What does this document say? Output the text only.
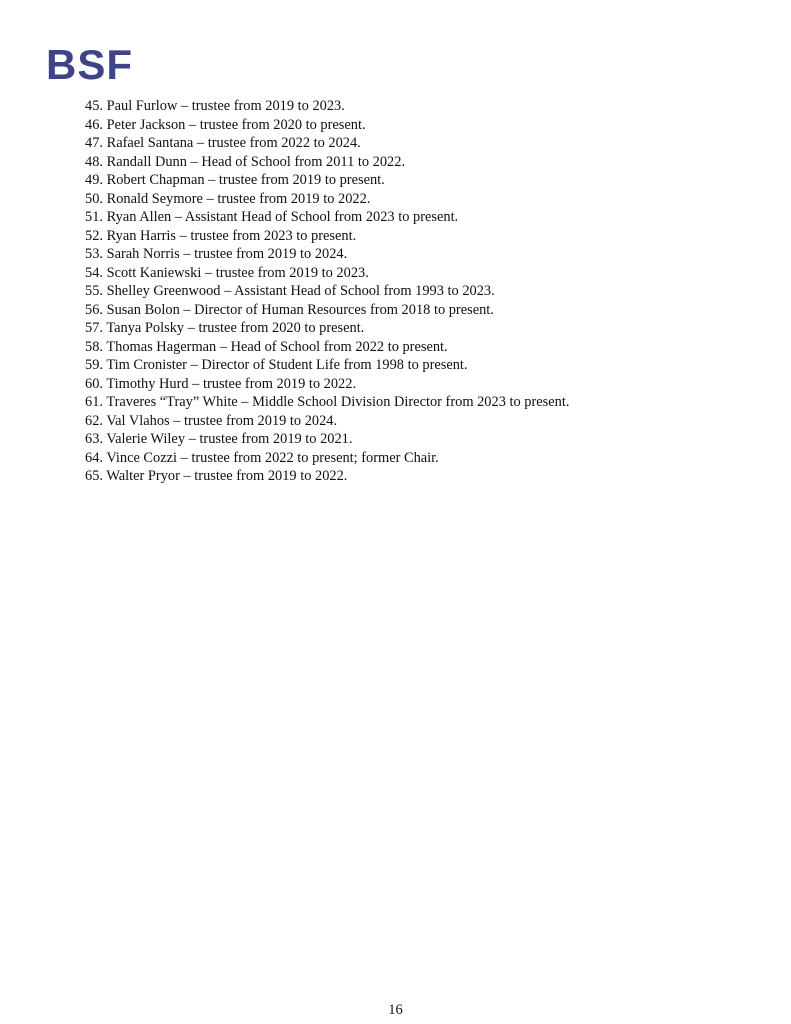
BSF
45. Paul Furlow – trustee from 2019 to 2023.
46. Peter Jackson – trustee from 2020 to present.
47. Rafael Santana – trustee from 2022 to 2024.
48. Randall Dunn – Head of School from 2011 to 2022.
49. Robert Chapman – trustee from 2019 to present.
50. Ronald Seymore – trustee from 2019 to 2022.
51. Ryan Allen – Assistant Head of School from 2023 to present.
52. Ryan Harris – trustee from 2023 to present.
53. Sarah Norris – trustee from 2019 to 2024.
54. Scott Kaniewski – trustee from 2019 to 2023.
55. Shelley Greenwood – Assistant Head of School from 1993 to 2023.
56. Susan Bolon – Director of Human Resources from 2018 to present.
57. Tanya Polsky – trustee from 2020 to present.
58. Thomas Hagerman – Head of School from 2022 to present.
59. Tim Cronister – Director of Student Life from 1998 to present.
60. Timothy Hurd – trustee from 2019 to 2022.
61. Traveres “Tray” White – Middle School Division Director from 2023 to present.
62. Val Vlahos – trustee from 2019 to 2024.
63. Valerie Wiley – trustee from 2019 to 2021.
64. Vince Cozzi – trustee from 2022 to present; former Chair.
65. Walter Pryor – trustee from 2019 to 2022.
16
